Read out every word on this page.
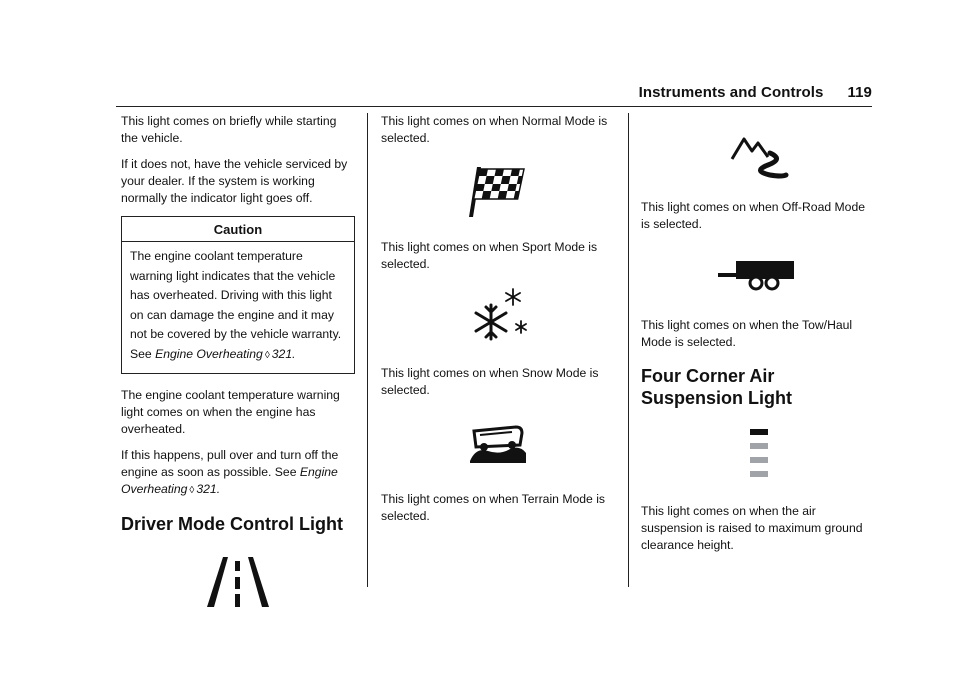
Instruments and Controls 119

This light comes on briefly while starting the vehicle.

If it does not, have the vehicle serviced by your dealer. If the system is working normally the indicator light goes off.

Caution
The engine coolant temperature warning light indicates that the vehicle has overheated. Driving with this light on can damage the engine and it may not be covered by the vehicle warranty. See Engine Overheating ◊ 321.

The engine coolant temperature warning light comes on when the engine has overheated.

If this happens, pull over and turn off the engine as soon as possible. See Engine Overheating ◊ 321.

Driver Mode Control Light

This light comes on when Normal Mode is selected.

This light comes on when Sport Mode is selected.

This light comes on when Snow Mode is selected.

This light comes on when Terrain Mode is selected.

This light comes on when Off-Road Mode is selected.

This light comes on when the Tow/Haul Mode is selected.

Four Corner Air Suspension Light

This light comes on when the air suspension is raised to maximum ground clearance height.
